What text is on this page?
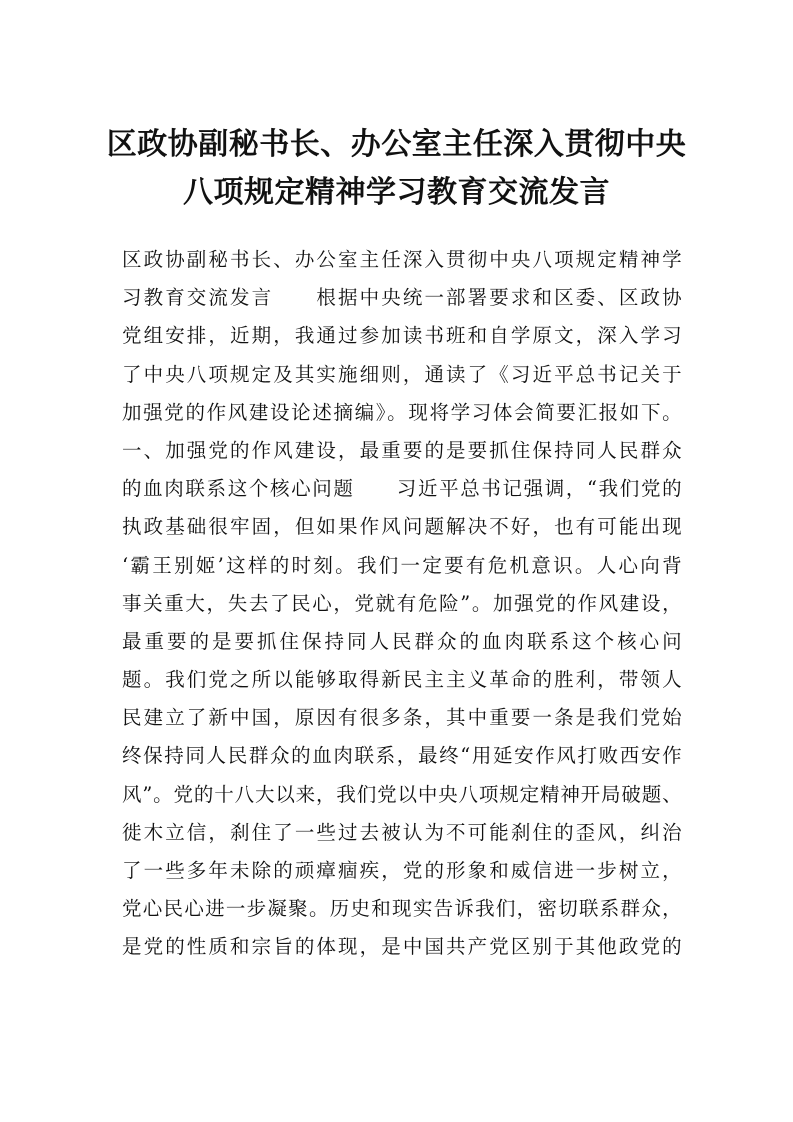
区政协副秘书长、办公室主任深入贯彻中央
八项规定精神学习教育交流发言
区政协副秘书长、办公室主任深入贯彻中央八项规定精神学
习教育交流发言　　根据中央统一部署要求和区委、区政协
党组安排，近期，我通过参加读书班和自学原文，深入学习
了中央八项规定及其实施细则，通读了《习近平总书记关于
加强党的作风建设论述摘编》。现将学习体会简要汇报如下。
一、加强党的作风建设，最重要的是要抓住保持同人民群众
的血肉联系这个核心问题　　习近平总书记强调，“我们党的
执政基础很牢固，但如果作风问题解决不好，也有可能出现
‘霸王别姬’这样的时刻。我们一定要有危机意识。人心向背
事关重大，失去了民心，党就有危险”。加强党的作风建设，
最重要的是要抓住保持同人民群众的血肉联系这个核心问
题。我们党之所以能够取得新民主主义革命的胜利，带领人
民建立了新中国，原因有很多条，其中重要一条是我们党始
终保持同人民群众的血肉联系，最终“用延安作风打败西安作
风”。党的十八大以来，我们党以中央八项规定精神开局破题、
徙木立信，刹住了一些过去被认为不可能刹住的歪风，纠治
了一些多年未除的顽瘴痼疾，党的形象和威信进一步树立，
党心民心进一步凝聚。历史和现实告诉我们，密切联系群众，
是党的性质和宗旨的体现，是中国共产党区别于其他政党的
